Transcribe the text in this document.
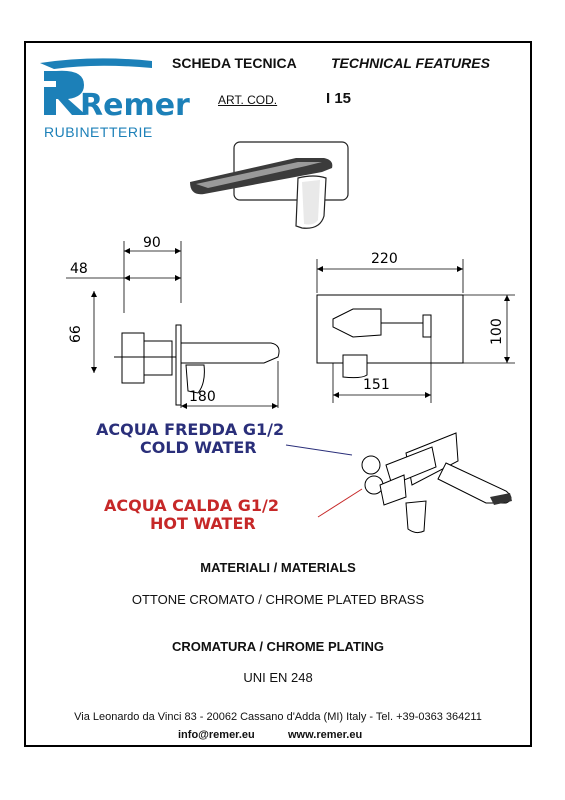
Remer
RUBINETTERIE
SCHEDA TECNICA TECHNICAL FEATURES
ART. COD.	I 15
90
48
66
180
220
100
151
ACQUA FREDDA G1/2
COLD WATER
ACQUA CALDA G1/2
HOT WATER
MATERIALI / MATERIALS
OTTONE CROMATO / CHROME PLATED BRASS
CROMATURA / CHROME PLATING
UNI EN 248
Via Leonardo da Vinci 83 - 20062 Cassano d'Adda (MI) Italy - Tel. +39-0363 364211
info@remer.eu	www.remer.eu
